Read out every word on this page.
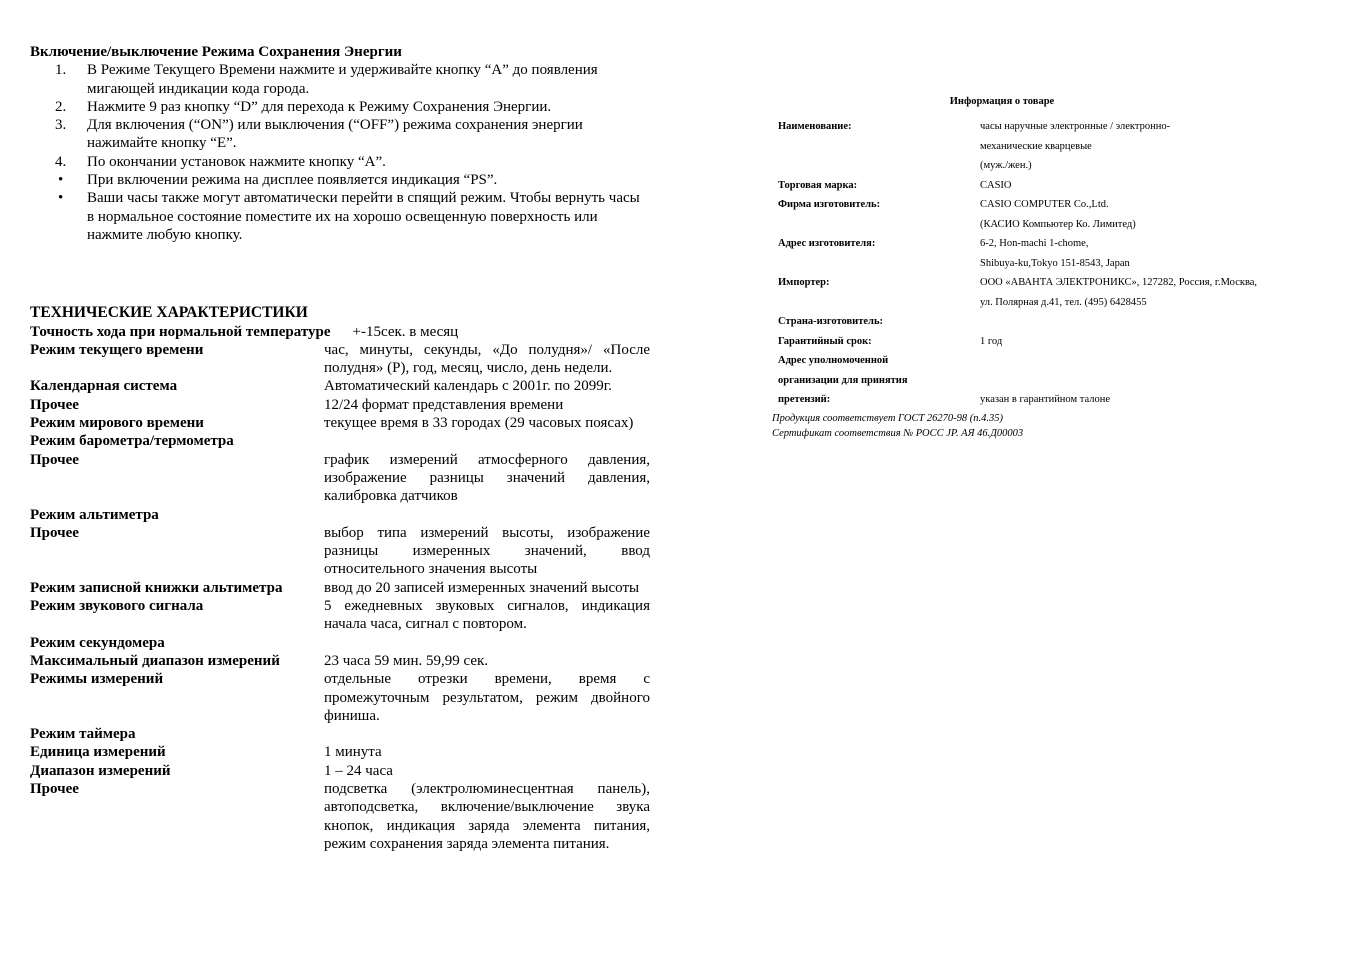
Включение/выключение Режима Сохранения Энергии
1. В Режиме Текущего Времени нажмите и удерживайте кнопку “A” до появления мигающей индикации кода города.
2. Нажмите 9 раз кнопку “D” для перехода к Режиму Сохранения Энергии.
3. Для включения (“ON”) или выключения (“OFF”) режима сохранения энергии нажимайте кнопку “E”.
4. По окончании установок нажмите кнопку “A”.
• При включении режима на дисплее появляется индикация “PS”.
• Ваши часы также могут автоматически перейти в спящий режим. Чтобы вернуть часы в нормальное состояние поместите их на хорошо освещенную поверхность или нажмите любую кнопку.
ТЕХНИЧЕСКИЕ ХАРАКТЕРИСТИКИ
Точность хода при нормальной температуре +-15сек. в месяц
Режим текущего времени	час, минуты, секунды, «До полудня»/ «После полудня» (P), год, месяц, число, день недели.
Календарная система	Автоматический календарь с 2001г. по 2099г.
Прочее	12/24 формат представления времени
Режим мирового времени	текущее время в 33 городах (29 часовых поясах)
Режим барометра/термометра
Прочее	график измерений атмосферного давления, изображение разницы значений давления, калибровка датчиков
Режим альтиметра
Прочее	выбор типа измерений высоты, изображение разницы измеренных значений, ввод относительного значения высоты
Режим записной книжки альтиметра	ввод до 20 записей измеренных значений высоты
Режим звукового сигнала	5 ежедневных звуковых сигналов, индикация начала часа, сигнал с повтором.
Режим секундомера
Максимальный диапазон измерений	23 часа 59 мин. 59,99 сек.
Режимы измерений	отдельные отрезки времени, время с промежуточным результатом, режим двойного финиша.
Режим таймера
Единица измерений	1 минута
Диапазон измерений	1 – 24 часа
Прочее	подсветка (электролюминесцентная панель), автоподсветка, включение/выключение звука кнопок, индикация заряда элемента питания, режим сохранения заряда элемента питания.
Информация о товаре
Наименование:	часы наручные электронные / электронно-
	механические кварцевые
	(муж./жен.)
Торговая марка:	CASIO
Фирма изготовитель:	CASIO COMPUTER Co.,Ltd.
	(КАСИО Компьютер Ко. Лимитед)
Адрес изготовителя:	6-2, Hon-machi 1-chome,
	Shibuya-ku,Tokyo 151-8543, Japan
Импортер:	ООО «АВАНТА ЭЛЕКТРОНИКС», 127282, Россия, г.Москва,
	ул. Полярная д.41, тел. (495) 6428455
Страна-изготовитель:	
Гарантийный срок:	1 год
Адрес уполномоченной	
организации для принятия	
претензий:	указан в гарантийном талоне
Продукция соответствует ГОСТ 26270-98 (п.4.35)
Сертификат соответствия № РОСС JP. АЯ 46.Д00003
